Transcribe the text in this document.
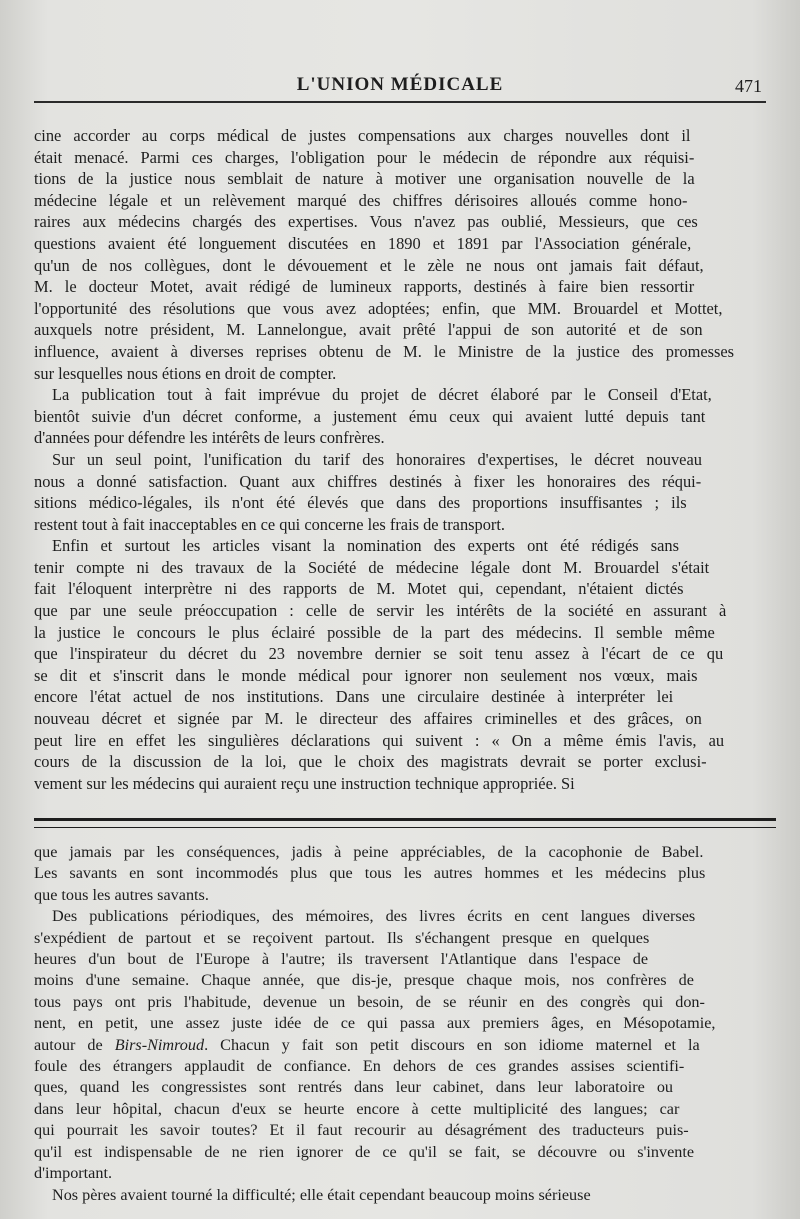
L'UNION MÉDICALE	471

cine accorder au corps médical de justes compensations aux charges nouvelles dont il
était menacé. Parmi ces charges, l'obligation pour le médecin de répondre aux réquisi-
tions de la justice nous semblait de nature à motiver une organisation nouvelle de la
médecine légale et un relèvement marqué des chiffres dérisoires alloués comme hono-
raires aux médecins chargés des expertises. Vous n'avez pas oublié, Messieurs, que ces
questions avaient été longuement discutées en 1890 et 1891 par l'Association générale,
qu'un de nos collègues, dont le dévouement et le zèle ne nous ont jamais fait défaut,
M. le docteur Motet, avait rédigé de lumineux rapports, destinés à faire bien ressortir
l'opportunité des résolutions que vous avez adoptées; enfin, que MM. Brouardel et Mottet,
auxquels notre président, M. Lannelongue, avait prêté l'appui de son autorité et de son
influence, avaient à diverses reprises obtenu de M. le Ministre de la justice des promesses
sur lesquelles nous étions en droit de compter.

La publication tout à fait imprévue du projet de décret élaboré par le Conseil d'Etat,
bientôt suivie d'un décret conforme, a justement ému ceux qui avaient lutté depuis tant
d'années pour défendre les intérêts de leurs confrères.

Sur un seul point, l'unification du tarif des honoraires d'expertises, le décret nouveau
nous a donné satisfaction. Quant aux chiffres destinés à fixer les honoraires des réqui-
sitions médico-légales, ils n'ont été élevés que dans des proportions insuffisantes ; ils
restent tout à fait inacceptables en ce qui concerne les frais de transport.

Enfin et surtout les articles visant la nomination des experts ont été rédigés sans
tenir compte ni des travaux de la Société de médecine légale dont M. Brouardel s'était
fait l'éloquent interprètre ni des rapports de M. Motet qui, cependant, n'étaient dictés
que par une seule préoccupation : celle de servir les intérêts de la société en assurant à
la justice le concours le plus éclairé possible de la part des médecins. Il semble même
que l'inspirateur du décret du 23 novembre dernier se soit tenu assez à l'écart de ce qu
se dit et s'inscrit dans le monde médical pour ignorer non seulement nos vœux, mais
encore l'état actuel de nos institutions. Dans une circulaire destinée à interpréter lei
nouveau décret et signée par M. le directeur des affaires criminelles et des grâces, on
peut lire en effet les singulières déclarations qui suivent : « On a même émis l'avis, au
cours de la discussion de la loi, que le choix des magistrats devrait se porter exclusi-
vement sur les médecins qui auraient reçu une instruction technique appropriée. Si

que jamais par les conséquences, jadis à peine appréciables, de la cacophonie de Babel.
Les savants en sont incommodés plus que tous les autres hommes et les médecins plus
que tous les autres savants.

Des publications périodiques, des mémoires, des livres écrits en cent langues diverses
s'expédient de partout et se reçoivent partout. Ils s'échangent presque en quelques
heures d'un bout de l'Europe à l'autre; ils traversent l'Atlantique dans l'espace de
moins d'une semaine. Chaque année, que dis-je, presque chaque mois, nos confrères de
tous pays ont pris l'habitude, devenue un besoin, de se réunir en des congrès qui don-
nent, en petit, une assez juste idée de ce qui passa aux premiers âges, en Mésopotamie,
autour de Birs-Nimroud. Chacun y fait son petit discours en son idiome maternel et la
foule des étrangers applaudit de confiance. En dehors de ces grandes assises scientifi-
ques, quand les congressistes sont rentrés dans leur cabinet, dans leur laboratoire ou
dans leur hôpital, chacun d'eux se heurte encore à cette multiplicité des langues; car
qui pourrait les savoir toutes? Et il faut recourir au désagrément des traducteurs puis-
qu'il est indispensable de ne rien ignorer de ce qu'il se fait, se découvre ou s'invente
d'important.

Nos pères avaient tourné la difficulté; elle était cependant beaucoup moins sérieuse
